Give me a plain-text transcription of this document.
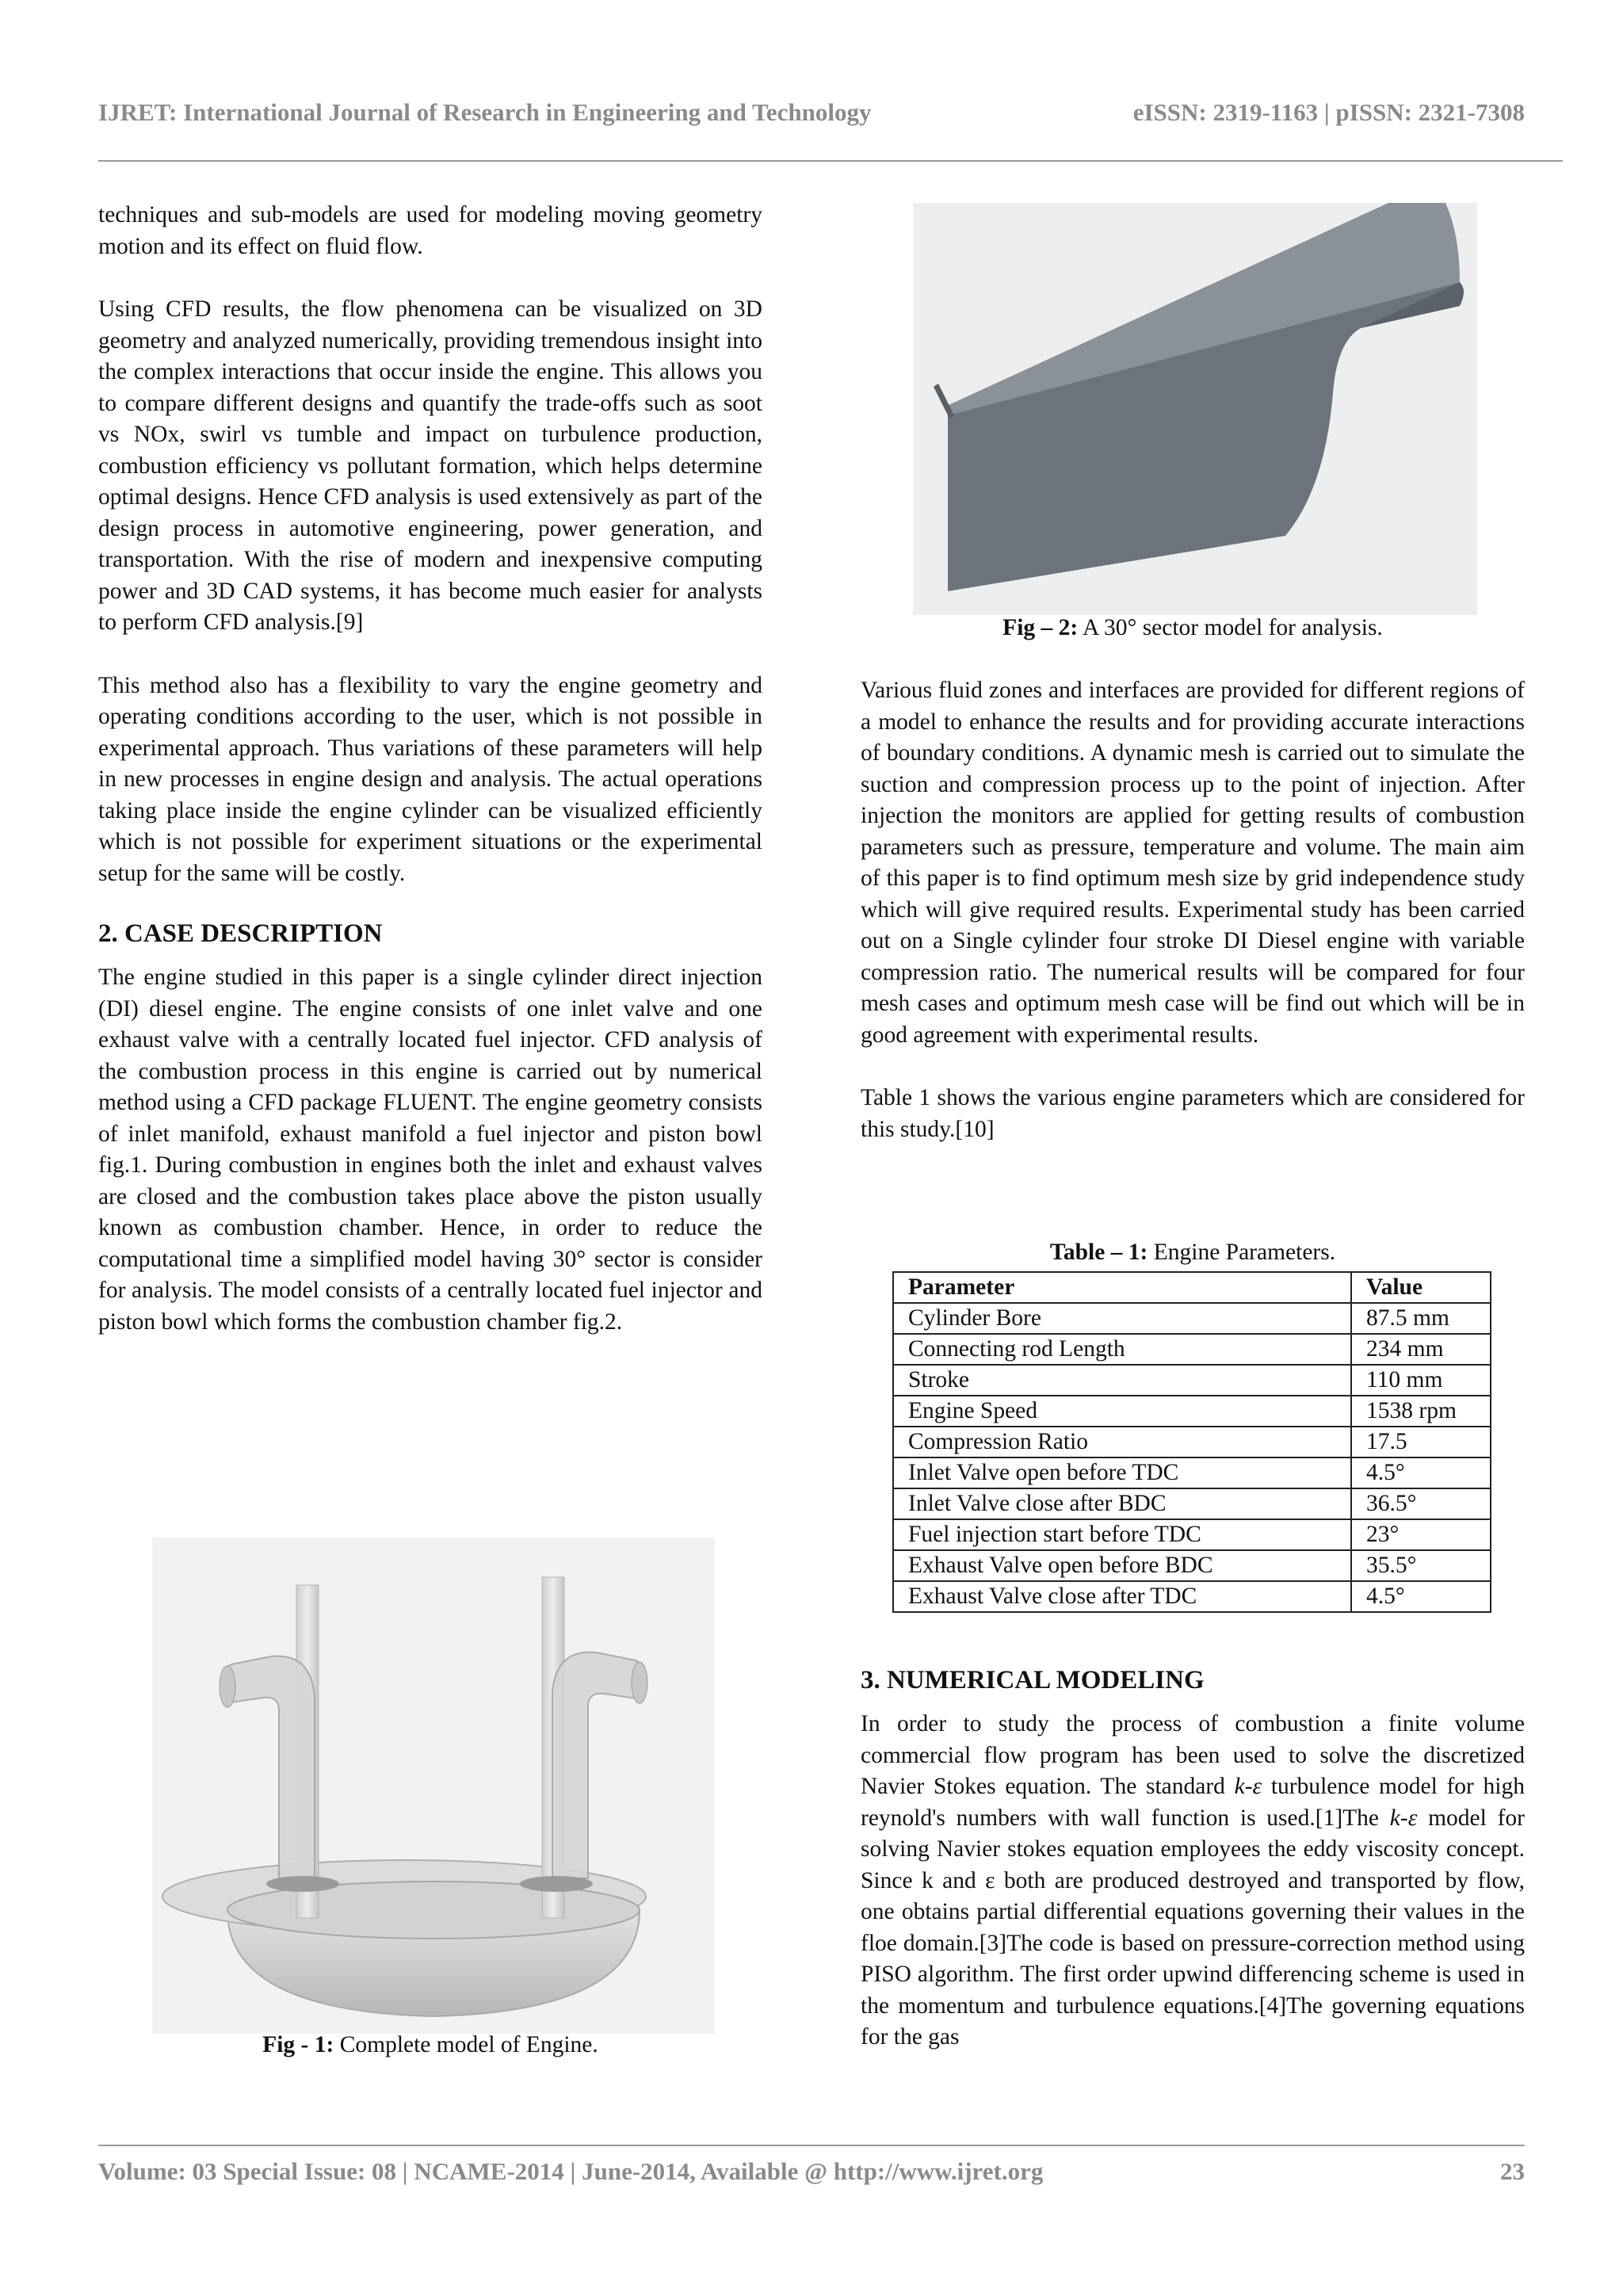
IJRET: International Journal of Research in Engineering and Technology	eISSN: 2319-1163 | pISSN: 2321-7308

techniques and sub-models are used for modeling moving geometry motion and its effect on fluid flow.

Using CFD results, the flow phenomena can be visualized on 3D geometry and analyzed numerically, providing tremendous insight into the complex interactions that occur inside the engine. This allows you to compare different designs and quantify the trade-offs such as soot vs NOx, swirl vs tumble and impact on turbulence production, combustion efficiency vs pollutant formation, which helps determine optimal designs. Hence CFD analysis is used extensively as part of the design process in automotive engineering, power generation, and transportation. With the rise of modern and inexpensive computing power and 3D CAD systems, it has become much easier for analysts to perform CFD analysis.[9]

This method also has a flexibility to vary the engine geometry and operating conditions according to the user, which is not possible in experimental approach. Thus variations of these parameters will help in new processes in engine design and analysis. The actual operations taking place inside the engine cylinder can be visualized efficiently which is not possible for experiment situations or the experimental setup for the same will be costly.

2. CASE DESCRIPTION

The engine studied in this paper is a single cylinder direct injection (DI) diesel engine. The engine consists of one inlet valve and one exhaust valve with a centrally located fuel injector. CFD analysis of the combustion process in this engine is carried out by numerical method using a CFD package FLUENT. The engine geometry consists of inlet manifold, exhaust manifold a fuel injector and piston bowl fig.1. During combustion in engines both the inlet and exhaust valves are closed and the combustion takes place above the piston usually known as combustion chamber. Hence, in order to reduce the computational time a simplified model having 30° sector is consider for analysis. The model consists of a centrally located fuel injector and piston bowl which forms the combustion chamber fig.2.

Fig - 1: Complete model of Engine.
Fig – 2: A 30° sector model for analysis.

Various fluid zones and interfaces are provided for different regions of a model to enhance the results and for providing accurate interactions of boundary conditions. A dynamic mesh is carried out to simulate the suction and compression process up to the point of injection. After injection the monitors are applied for getting results of combustion parameters such as pressure, temperature and volume. The main aim of this paper is to find optimum mesh size by grid independence study which will give required results. Experimental study has been carried out on a Single cylinder four stroke DI Diesel engine with variable compression ratio. The numerical results will be compared for four mesh cases and optimum mesh case will be find out which will be in good agreement with experimental results.

Table 1 shows the various engine parameters which are considered for this study.[10]

Table – 1: Engine Parameters.
Parameter	Value
Cylinder Bore	87.5 mm
Connecting rod Length	234 mm
Stroke	110 mm
Engine Speed	1538 rpm
Compression Ratio	17.5
Inlet Valve open before TDC	4.5°
Inlet Valve close after BDC	36.5°
Fuel injection start before TDC	23°
Exhaust Valve open before BDC	35.5°
Exhaust Valve close after TDC	4.5°
3. NUMERICAL MODELING

In order to study the process of combustion a finite volume commercial flow program has been used to solve the discretized Navier Stokes equation. The standard k-ε turbulence model for high reynold's numbers with wall function is used.[1]The k-ε model for solving Navier stokes equation employees the eddy viscosity concept. Since k and ε both are produced destroyed and transported by flow, one obtains partial differential equations governing their values in the floe domain.[3]The code is based on pressure-correction method using PISO algorithm. The first order upwind differencing scheme is used in the momentum and turbulence equations.[4]The governing equations for the gas

Volume: 03 Special Issue: 08 | NCAME-2014 | June-2014, Available @ http://www.ijret.org	23
